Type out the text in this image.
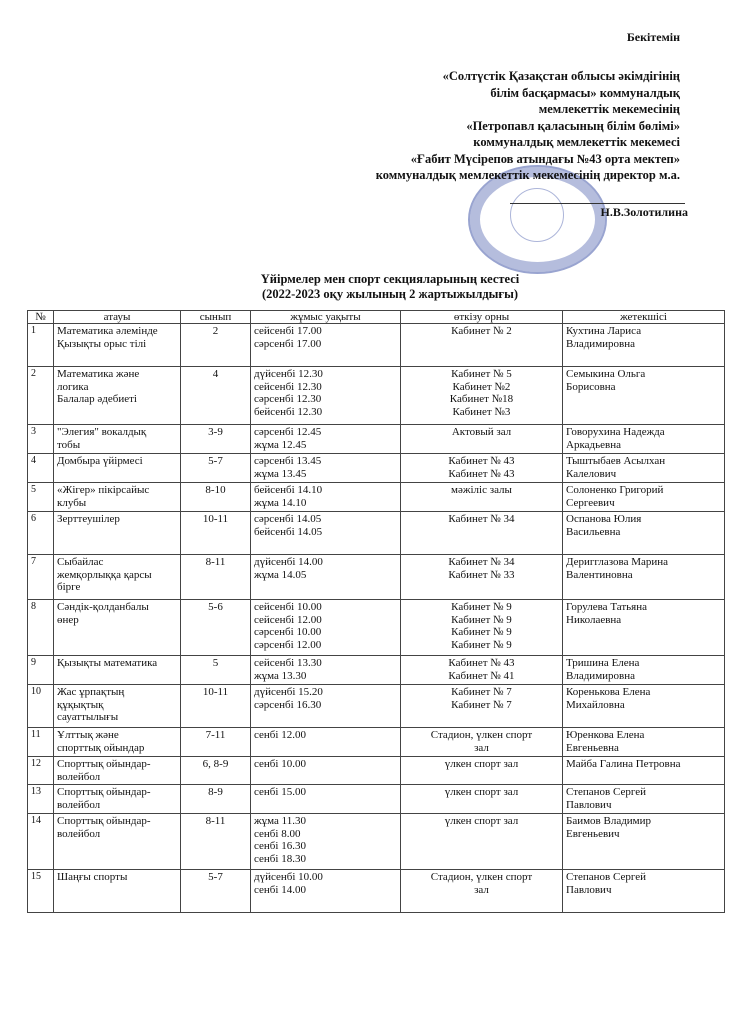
Бекітемін
«Солтүстік Қазақстан облысы әкімдігінің
білім басқармасы» коммуналдық
мемлекеттік мекемесінің
«Петропавл қаласының білім бөлімі»
коммуналдық мемлекеттік мекемесі
«Ғабит Мүсірепов атындағы №43 орта мектеп»
коммуналдық мемлекеттік мекемесінің директор м.а.
Н.В.Золотилина
Үйірмелер мен спорт секцияларының кестесі
(2022-2023 оқу жылының 2 жартыжылдығы)
№	атауы	сынып	жұмыс уақыты	өткізу орны	жетекшісі
1	Математика әлемінде
Қызықты орыс тілі	2	сейсенбі 17.00
сәрсенбі 17.00	Кабинет № 2	Кухтина Лариса
Владимировна
2	Математика және
логика
Балалар әдебиеті	4	дүйсенбі 12.30
сейсенбі 12.30
сәрсенбі 12.30
бейсенбі 12.30	Кабинет № 5
Кабинет №2
Кабинет №18
Кабинет №3	Семыкина Ольга
Борисовна
3	"Элегия" вокалдық
тобы	3-9	сәрсенбі 12.45
жұма 12.45	Актовый зал	Говорухина Надежда
Аркадьевна
4	Домбыра үйірмесі	5-7	сәрсенбі 13.45
жұма 13.45	Кабинет № 43
Кабинет № 43	Тыштыбаев Асылхан
Калелович
5	«Жігер» пікірсайыс
клубы	8-10	бейсенбі 14.10
жұма 14.10	мәжіліс залы	Солоненко Григорий
Сергеевич
6	Зерттеушілер	10-11	сәрсенбі 14.05
бейсенбі 14.05	Кабинет № 34	Оспанова Юлия
Васильевна
7	Сыбайлас
жемқорлыққа қарсы
бірге	8-11	дүйсенбі 14.00
жұма 14.05	Кабинет № 34
Кабинет № 33	Деригглазова Марина
Валентиновна
8	Сәндік-қолданбалы
өнер	5-6	сейсенбі 10.00
сейсенбі 12.00
сәрсенбі 10.00
сәрсенбі 12.00	Кабинет № 9
Кабинет № 9
Кабинет № 9
Кабинет № 9	Горулева Татьяна
Николаевна
9	Қызықты математика	5	сейсенбі 13.30
жұма 13.30	Кабинет № 43
Кабинет № 41	Тришина Елена
Владимировна
10	Жас ұрпақтың
құқықтық
сауаттылығы	10-11	дүйсенбі 15.20
сәрсенбі 16.30	Кабинет № 7
Кабинет № 7	Коренькова Елена
Михайловна
11	Ұлттық және
спорттық ойындар	7-11	сенбі 12.00	Стадион, үлкен спорт
зал	Юренкова Елена
Евгеньевна
12	Спорттық ойындар-
волейбол	6, 8-9	сенбі 10.00	үлкен спорт зал	Майба Галина Петровна
13	Спорттық ойындар-
волейбол	8-9	сенбі 15.00	үлкен спорт зал	Степанов Сергей
Павлович
14	Спорттық ойындар-
волейбол	8-11	жұма 11.30
сенбі 8.00
сенбі 16.30
сенбі 18.30	үлкен спорт зал	Баимов Владимир
Евгеньевич
15	Шаңғы спорты	5-7	дүйсенбі 10.00
сенбі 14.00	Стадион, үлкен спорт
зал	Степанов Сергей
Павлович
